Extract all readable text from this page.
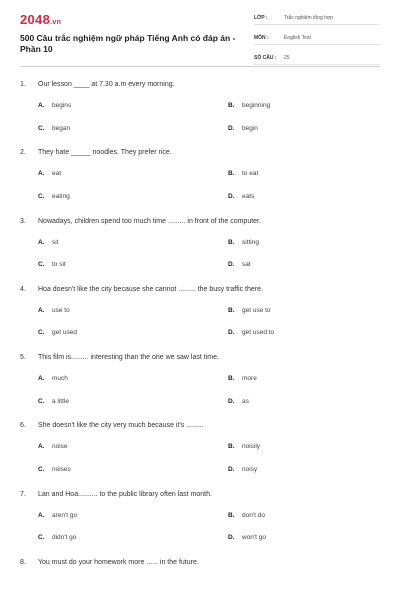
2048.vn
500 Câu trắc nghiệm ngữ pháp Tiếng Anh có đáp án - Phần 10
LỚP :	Trắc nghiệm tổng hợp
MÔN :	English Test
SỐ CÂU :	25
1.	Our lesson ____ at 7.30 a.m every morning.
A.	begins	B.	beginning
C.	began	D.	begin
2.	They hate _____ noodles. They prefer rice.
A.	eat	B.	to eat
C.	eating	D.	eats
3.	Nowadays, children spend too much time ......... in front of the computer.
A.	sit	B.	sitting
C.	to sit	D.	sat
4.	Hoa doesn't like the city because she cannot ......... the busy traffic there.
A.	use to	B.	get use to
C.	get used	D.	get used to
5.	This film is......... interesting than the one we saw last time.
A.	much	B.	more
C.	a little	D.	as
6.	She doesn't like the city very much because it's .........
A.	noise	B.	noisily
C.	noises	D.	noisy
7.	Lan and Hoa.......... to the public library often last month.
A.	aren't go	B.	don't do
C.	didn't go	D.	won't go
8.	You must do your homework more ...... in the future.
